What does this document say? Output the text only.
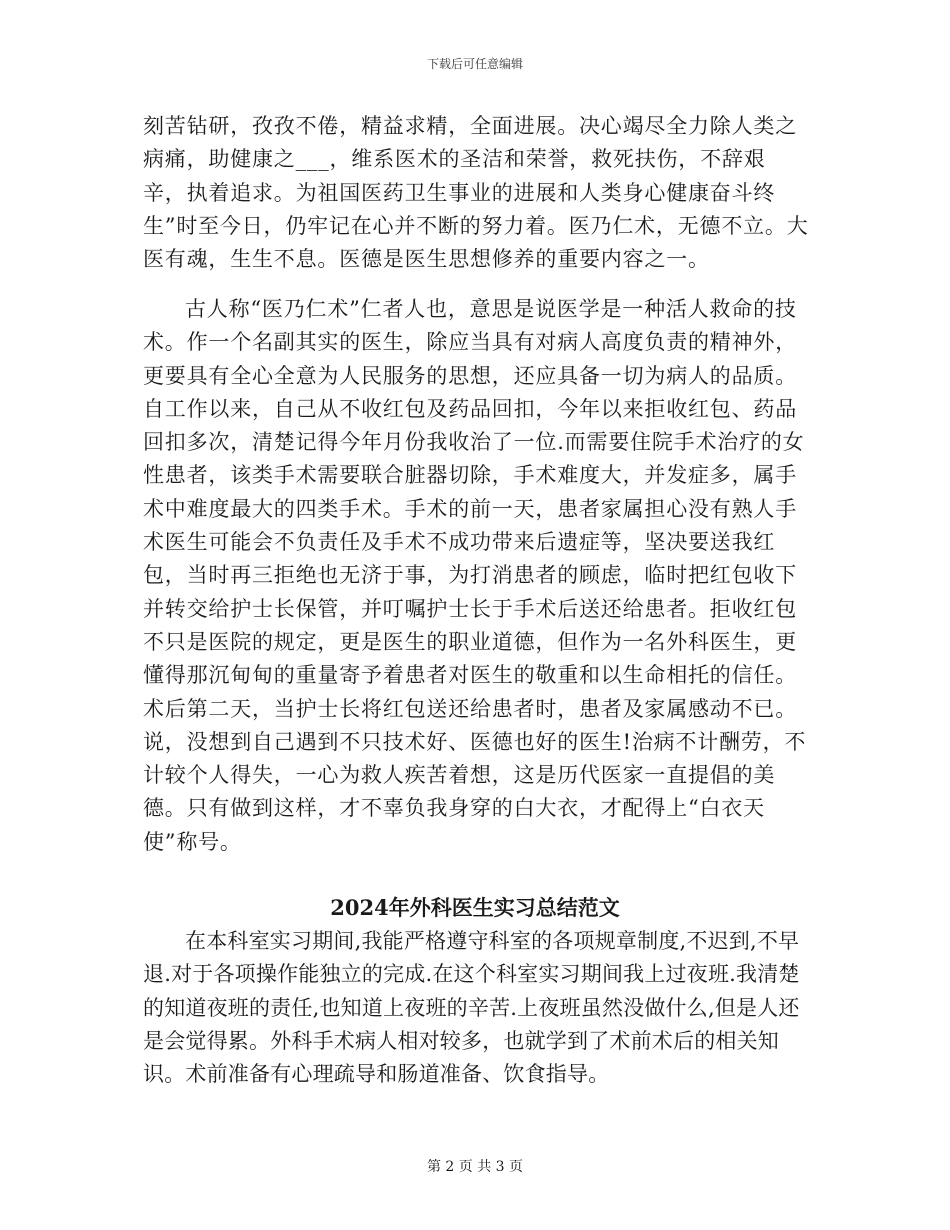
下载后可任意编辑

刻苦钻研，孜孜不倦，精益求精，全面进展。决心竭尽全力除人类之病痛，助健康之___，维系医术的圣洁和荣誉，救死扶伤，不辞艰辛，执着追求。为祖国医药卫生事业的进展和人类身心健康奋斗终生”时至今日，仍牢记在心并不断的努力着。医乃仁术，无德不立。大医有魂，生生不息。医德是医生思想修养的重要内容之一。

古人称“医乃仁术”仁者人也，意思是说医学是一种活人救命的技术。作一个名副其实的医生，除应当具有对病人高度负责的精神外，更要具有全心全意为人民服务的思想，还应具备一切为病人的品质。自工作以来，自己从不收红包及药品回扣，今年以来拒收红包、药品回扣多次，清楚记得今年月份我收治了一位.而需要住院手术治疗的女性患者，该类手术需要联合脏器切除，手术难度大，并发症多，属手术中难度最大的四类手术。手术的前一天，患者家属担心没有熟人手术医生可能会不负责任及手术不成功带来后遗症等，坚决要送我红包，当时再三拒绝也无济于事，为打消患者的顾虑，临时把红包收下并转交给护士长保管，并叮嘱护士长于手术后送还给患者。拒收红包不只是医院的规定，更是医生的职业道德，但作为一名外科医生，更懂得那沉甸甸的重量寄予着患者对医生的敬重和以生命相托的信任。术后第二天，当护士长将红包送还给患者时，患者及家属感动不已。说，没想到自己遇到不只技术好、医德也好的医生!治病不计酬劳，不计较个人得失，一心为救人疾苦着想，这是历代医家一直提倡的美德。只有做到这样，才不辜负我身穿的白大衣，才配得上“白衣天使”称号。

2024年外科医生实习总结范文

在本科室实习期间,我能严格遵守科室的各项规章制度,不迟到,不早退.对于各项操作能独立的完成.在这个科室实习期间我上过夜班.我清楚的知道夜班的责任,也知道上夜班的辛苦.上夜班虽然没做什么,但是人还是会觉得累。外科手术病人相对较多，也就学到了术前术后的相关知识。术前准备有心理疏导和肠道准备、饮食指导。

第 2 页 共 3 页
